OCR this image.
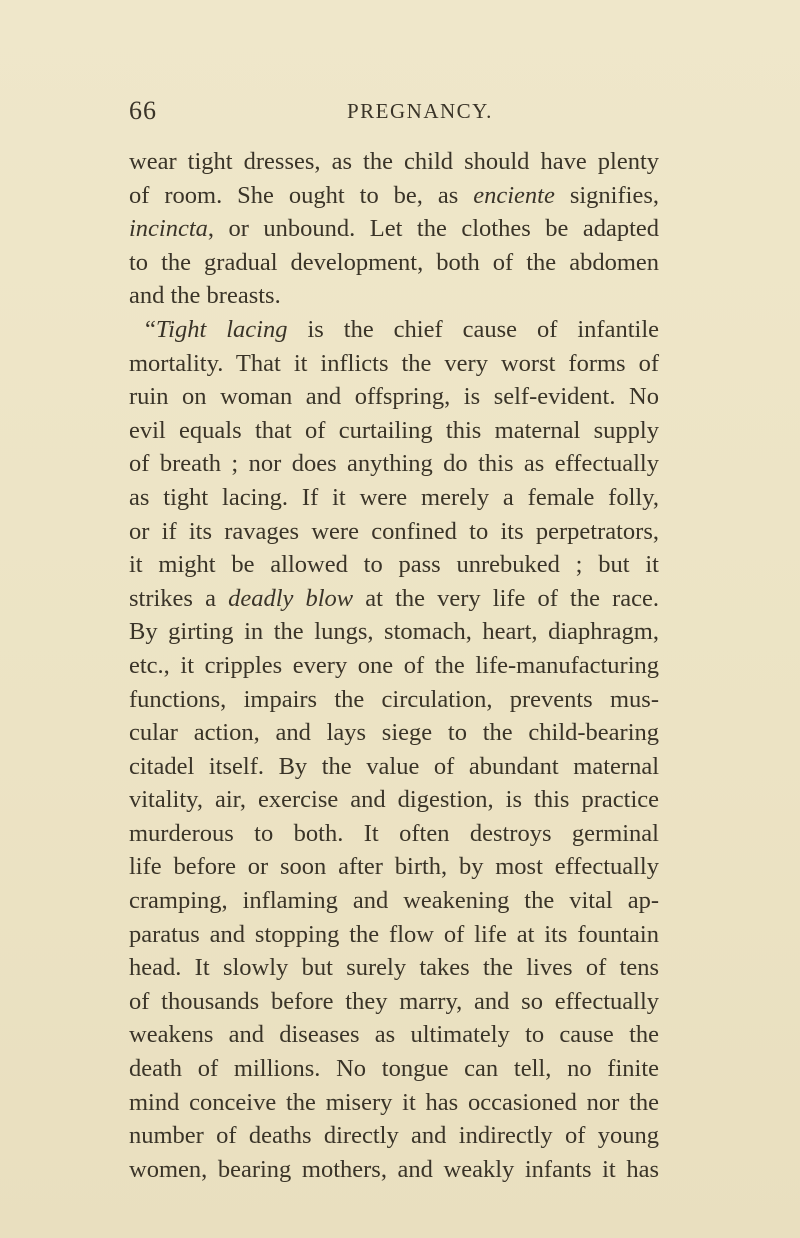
66	PREGNANCY.
wear tight dresses, as the child should have plenty
of room. She ought to be, as enciente signifies,
incincta, or unbound. Let the clothes be adapted
to the gradual development, both of the abdomen
and the breasts.
“Tight lacing is the chief cause of infantile
mortality. That it inflicts the very worst forms of
ruin on woman and offspring, is self-evident. No
evil equals that of curtailing this maternal supply
of breath ; nor does anything do this as effectually
as tight lacing. If it were merely a female folly,
or if its ravages were confined to its perpetrators,
it might be allowed to pass unrebuked ; but it
strikes a deadly blow at the very life of the race.
By girting in the lungs, stomach, heart, diaphragm,
etc., it cripples every one of the life-manufacturing
functions, impairs the circulation, prevents mus-
cular action, and lays siege to the child-bearing
citadel itself. By the value of abundant maternal
vitality, air, exercise and digestion, is this practice
murderous to both. It often destroys germinal
life before or soon after birth, by most effectually
cramping, inflaming and weakening the vital ap-
paratus and stopping the flow of life at its fountain
head. It slowly but surely takes the lives of tens
of thousands before they marry, and so effectually
weakens and diseases as ultimately to cause the
death of millions. No tongue can tell, no finite
mind conceive the misery it has occasioned nor the
number of deaths directly and indirectly of young
women, bearing mothers, and weakly infants it has
